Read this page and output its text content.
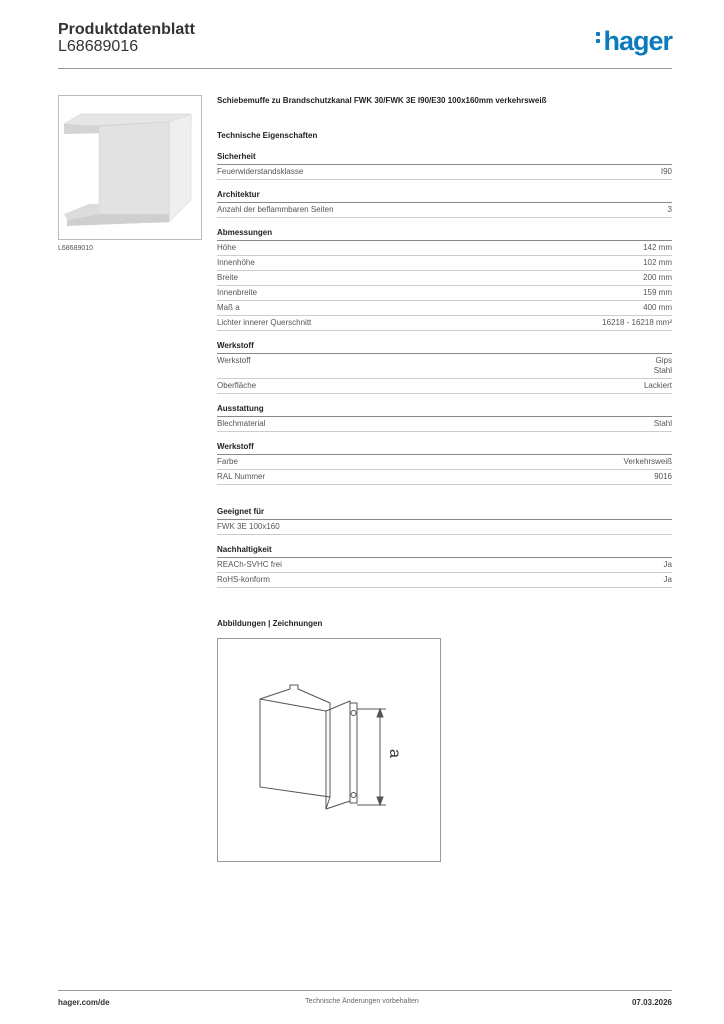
Produktdatenblatt
L68689016	hager
L68689010
Schiebemuffe zu Brandschutzkanal FWK 30/FWK 3E I90/E30 100x160mm verkehrsweiß
Technische Eigenschaften
Sicherheit
Feuerwiderstandsklasse	I90
Architektur
Anzahl der beflammbaren Seiten	3
Abmessungen
Höhe	142 mm
Innenhöhe	102 mm
Breite	200 mm
Innenbreite	159 mm
Maß a	400 mm
Lichter innerer Querschnitt	16218 - 16218 mm²
Werkstoff
Werkstoff	Gips
Stahl
Oberfläche	Lackiert
Ausstattung
Blechmaterial	Stahl
Werkstoff
Farbe	Verkehrsweiß
RAL Nummer	9016
Geeignet für
FWK 3E 100x160
Nachhaltigkeit
REACh-SVHC frei	Ja
RoHS-konform	Ja
Abbildungen | Zeichnungen
a
hager.com/de	Technische Änderungen vorbehalten	07.03.2026
